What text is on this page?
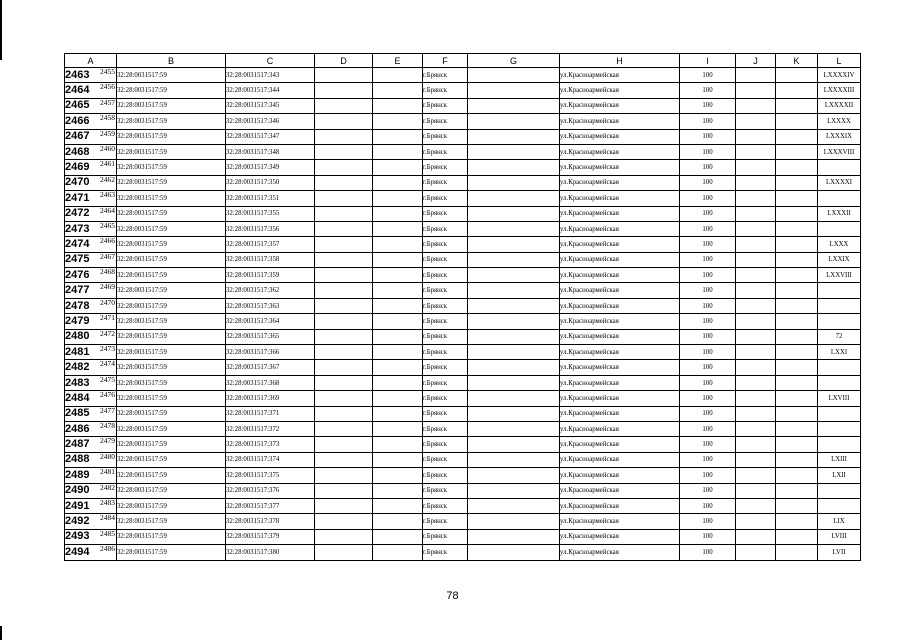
A	B	C	D	E	F	G	H	I	J	K	L
2463 2455	32:28:0031517:59	32:28:0031517:343			г.Брянск		ул.Красноармейская	100			LXXXXIV
2464 2456	32:28:0031517:59	32:28:0031517:344			г.Брянск		ул.Красноармейская	100			LXXXXIII
2465 2457	32:28:0031517:59	32:28:0031517:345			г.Брянск		ул.Красноармейская	100			LXXXXII
2466 2458	32:28:0031517:59	32:28:0031517:346			г.Брянск		ул.Красноармейская	100			LXXXX
2467 2459	32:28:0031517:59	32:28:0031517:347			г.Брянск		ул.Красноармейская	100			LXXXIX
2468 2460	32:28:0031517:59	32:28:0031517:348			г.Брянск		ул.Красноармейская	100			LXXXVIII
2469 2461	32:28:0031517:59	32:28:0031517:349			г.Брянск		ул.Красноармейская	100			
2470 2462	32:28:0031517:59	32:28:0031517:350			г.Брянск		ул.Красноармейская	100			LXXXXI
2471 2463	32:28:0031517:59	32:28:0031517:351			г.Брянск		ул.Красноармейская	100			
2472 2464	32:28:0031517:59	32:28:0031517:355			г.Брянск		ул.Красноармейская	100			LXXXII
2473 2465	32:28:0031517:59	32:28:0031517:356			г.Брянск		ул.Красноармейская	100			
2474 2466	32:28:0031517:59	32:28:0031517:357			г.Брянск		ул.Красноармейская	100			LXXX
2475 2467	32:28:0031517:59	32:28:0031517:358			г.Брянск		ул.Красноармейская	100			LXXIX
2476 2468	32:28:0031517:59	32:28:0031517:359			г.Брянск		ул.Красноармейская	100			LXXVIII
2477 2469	32:28:0031517:59	32:28:0031517:362			г.Брянск		ул.Красноармейская	100			
2478 2470	32:28:0031517:59	32:28:0031517:363			г.Брянск		ул.Красноармейская	100			
2479 2471	32:28:0031517:59	32:28:0031517:364			г.Брянск		ул.Красноармейская	100			
2480 2472	32:28:0031517:59	32:28:0031517:365			г.Брянск		ул.Красноармейская	100			72
2481 2473	32:28:0031517:59	32:28:0031517:366			г.Брянск		ул.Красноармейская	100			LXXI
2482 2474	32:28:0031517:59	32:28:0031517:367			г.Брянск		ул.Красноармейская	100			
2483 2475	32:28:0031517:59	32:28:0031517:368			г.Брянск		ул.Красноармейская	100			
2484 2476	32:28:0031517:59	32:28:0031517:369			г.Брянск		ул.Красноармейская	100			LXVIII
2485 2477	32:28:0031517:59	32:28:0031517:371			г.Брянск		ул.Красноармейская	100			
2486 2478	32:28:0031517:59	32:28:0031517:372			г.Брянск		ул.Красноармейская	100			
2487 2479	32:28:0031517:59	32:28:0031517:373			г.Брянск		ул.Красноармейская	100			
2488 2480	32:28:0031517:59	32:28:0031517:374			г.Брянск		ул.Красноармейская	100			LXIII
2489 2481	32:28:0031517:59	32:28:0031517:375			г.Брянск		ул.Красноармейская	100			LXII
2490 2482	32:28:0031517:59	32:28:0031517:376			г.Брянск		ул.Красноармейская	100			
2491 2483	32:28:0031517:59	32:28:0031517:377			г.Брянск		ул.Красноармейская	100			
2492 2484	32:28:0031517:59	32:28:0031517:378			г.Брянск		ул.Красноармейская	100			LIX
2493 2485	32:28:0031517:59	32:28:0031517:379			г.Брянск		ул.Красноармейская	100			LVIII
2494 2486	32:28:0031517:59	32:28:0031517:380			г.Брянск		ул.Красноармейская	100			LVII
78
